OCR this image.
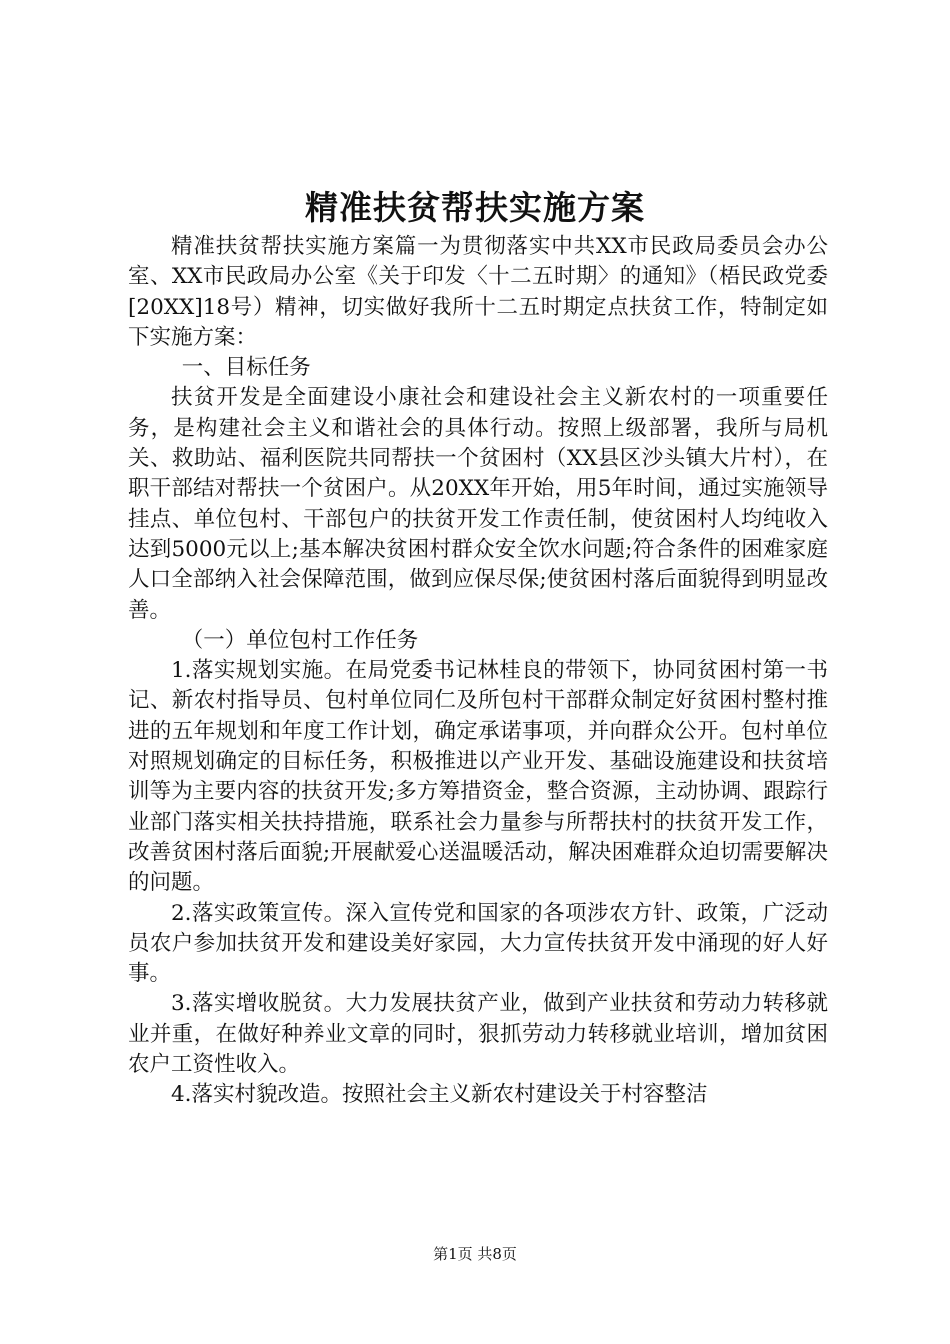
精准扶贫帮扶实施方案

精准扶贫帮扶实施方案篇一为贯彻落实中共XX市民政局委员会办公室、XX市民政局办公室《关于印发〈十二五时期〉的通知》（梧民政党委[20XX]18号）精神，切实做好我所十二五时期定点扶贫工作，特制定如下实施方案：

一、目标任务

扶贫开发是全面建设小康社会和建设社会主义新农村的一项重要任务，是构建社会主义和谐社会的具体行动。按照上级部署，我所与局机关、救助站、福利医院共同帮扶一个贫困村（XX县区沙头镇大片村），在职干部结对帮扶一个贫困户。从20XX年开始，用5年时间，通过实施领导挂点、单位包村、干部包户的扶贫开发工作责任制，使贫困村人均纯收入达到5000元以上;基本解决贫困村群众安全饮水问题;符合条件的困难家庭人口全部纳入社会保障范围，做到应保尽保;使贫困村落后面貌得到明显改善。

（一）单位包村工作任务

1.落实规划实施。在局党委书记林桂良的带领下，协同贫困村第一书记、新农村指导员、包村单位同仁及所包村干部群众制定好贫困村整村推进的五年规划和年度工作计划，确定承诺事项，并向群众公开。包村单位对照规划确定的目标任务，积极推进以产业开发、基础设施建设和扶贫培训等为主要内容的扶贫开发;多方筹措资金，整合资源，主动协调、跟踪行业部门落实相关扶持措施，联系社会力量参与所帮扶村的扶贫开发工作，改善贫困村落后面貌;开展献爱心送温暖活动，解决困难群众迫切需要解决的问题。

2.落实政策宣传。深入宣传党和国家的各项涉农方针、政策，广泛动员农户参加扶贫开发和建设美好家园，大力宣传扶贫开发中涌现的好人好事。

3.落实增收脱贫。大力发展扶贫产业，做到产业扶贫和劳动力转移就业并重，在做好种养业文章的同时，狠抓劳动力转移就业培训，增加贫困农户工资性收入。

4.落实村貌改造。按照社会主义新农村建设关于村容整洁

第1页 共8页
